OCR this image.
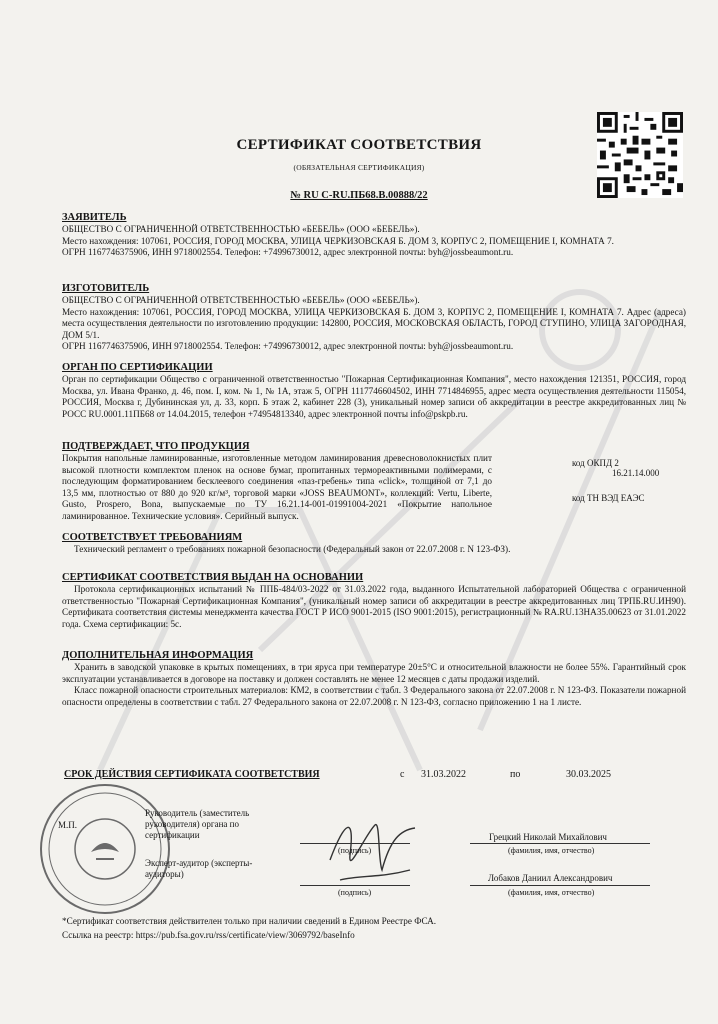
СЕРТИФИКАТ СООТВЕТСТВИЯ
(ОБЯЗАТЕЛЬНАЯ СЕРТИФИКАЦИЯ)
№ RU C-RU.ПБ68.В.00888/22
ЗАЯВИТЕЛЬ

ОБЩЕСТВО С ОГРАНИЧЕННОЙ ОТВЕТСТВЕННОСТЬЮ «БЕБЕЛЬ» (ООО «БЕБЕЛЬ»).

Место нахождения: 107061, РОССИЯ, ГОРОД МОСКВА, УЛИЦА ЧЕРКИЗОВСКАЯ Б. ДОМ 3, КОРПУС 2, ПОМЕЩЕНИЕ I, КОМНАТА 7.

ОГРН 1167746375906, ИНН 9718002554. Телефон: +74996730012, адрес электронной почты: byh@jossbeaumont.ru.

ИЗГОТОВИТЕЛЬ

ОБЩЕСТВО С ОГРАНИЧЕННОЙ ОТВЕТСТВЕННОСТЬЮ «БЕБЕЛЬ» (ООО «БЕБЕЛЬ»).

Место нахождения: 107061, РОССИЯ, ГОРОД МОСКВА, УЛИЦА ЧЕРКИЗОВСКАЯ Б. ДОМ 3, КОРПУС 2, ПОМЕЩЕНИЕ I, КОМНАТА 7. Адрес (адреса) места осуществления деятельности по изготовлению продукции: 142800, РОССИЯ, МОСКОВСКАЯ ОБЛАСТЬ, ГОРОД СТУПИНО, УЛИЦА ЗАГОРОДНАЯ, ДОМ 5/1.

ОГРН 1167746375906, ИНН 9718002554. Телефон: +74996730012, адрес электронной почты: byh@jossbeaumont.ru.

ОРГАН ПО СЕРТИФИКАЦИИ

Орган по сертификации Общество с ограниченной ответственностью "Пожарная Сертификационная Компания", место нахождения 121351, РОССИЯ, город Москва, ул. Ивана Франко, д. 46, пом. I, ком. № 1, № 1А, этаж 5, ОГРН 1117746604502, ИНН 7714846955, адрес места осуществления деятельности 115054, РОССИЯ, Москва г, Дубининская ул, д. 33, корп. Б этаж 2, кабинет 228 (3), уникальный номер записи об аккредитации в реестре аккредитованных лиц № РОСС RU.0001.11ПБ68 от 14.04.2015, телефон +74954813340, адрес электронной почты info@pskpb.ru.

ПОДТВЕРЖДАЕТ, ЧТО ПРОДУКЦИЯ

Покрытия напольные ламинированные, изготовленные методом ламинирования древесноволокнистых плит высокой плотности комплектом пленок на основе бумаг, пропитанных термореактивными полимерами, с последующим форматированием бесклеевого соединения «паз-гребень» типа «click», толщиной от 7,1 до 13,5 мм, плотностью от 880 до 920 кг/м³, торговой марки «JOSS BEAUMONT», коллекций: Vertu, Liberte, Gusto, Prospero, Bona, выпускаемые по ТУ 16.21.14-001-01991004-2021 «Покрытие напольное ламинированное. Технические условия». Серийный выпуск.

код ОКПД 2 16.21.14.000
код ТН ВЭД ЕАЭС
СООТВЕТСТВУЕТ ТРЕБОВАНИЯМ

Технический регламент о требованиях пожарной безопасности (Федеральный закон от 22.07.2008 г. N 123-ФЗ).

СЕРТИФИКАТ СООТВЕТСТВИЯ ВЫДАН НА ОСНОВАНИИ

Протокола сертификационных испытаний № ППБ-484/03-2022 от 31.03.2022 года, выданного Испытательной лабораторией Общества с ограниченной ответственностью "Пожарная Сертификационная Компания", (уникальный номер записи об аккредитации в реестре аккредитованных лиц ТРПБ.RU.ИН90). Сертификата соответствия системы менеджмента качества ГОСТ Р ИСО 9001-2015 (ISO 9001:2015), регистрационный № RA.RU.13НА35.00623 от 31.01.2022 года. Схема сертификации: 5с.

ДОПОЛНИТЕЛЬНАЯ ИНФОРМАЦИЯ

Хранить в заводской упаковке в крытых помещениях, в три яруса при температуре 20±5°С и относительной влажности не более 55%. Гарантийный срок эксплуатации устанавливается в договоре на поставку и должен составлять не менее 12 месяцев с даты продажи изделий.

Класс пожарной опасности строительных материалов: КМ2, в соответствии с табл. 3 Федерального закона от 22.07.2008 г. N 123-ФЗ. Показатели пожарной опасности определены в соответствии с табл. 27 Федерального закона от 22.07.2008 г. N 123-ФЗ, согласно приложению 1 на 1 листе.

СРОК ДЕЙСТВИЯ СЕРТИФИКАТА СООТВЕТСТВИЯ	с 31.03.2022	по	30.03.2025
М.П.
Руководитель (заместитель руководителя) органа по сертификации
Эксперт-аудитор (эксперты-аудиторы)
(подпись)
Грецкий Николай Михайлович
(фамилия, имя, отчество)
(подпись)
Лобаков Даниил Александрович
(фамилия, имя, отчество)
*Сертификат соответствия действителен только при наличии сведений в Едином Реестре ФСА.
Ссылка на реестр: https://pub.fsa.gov.ru/rss/certificate/view/3069792/baseInfo
